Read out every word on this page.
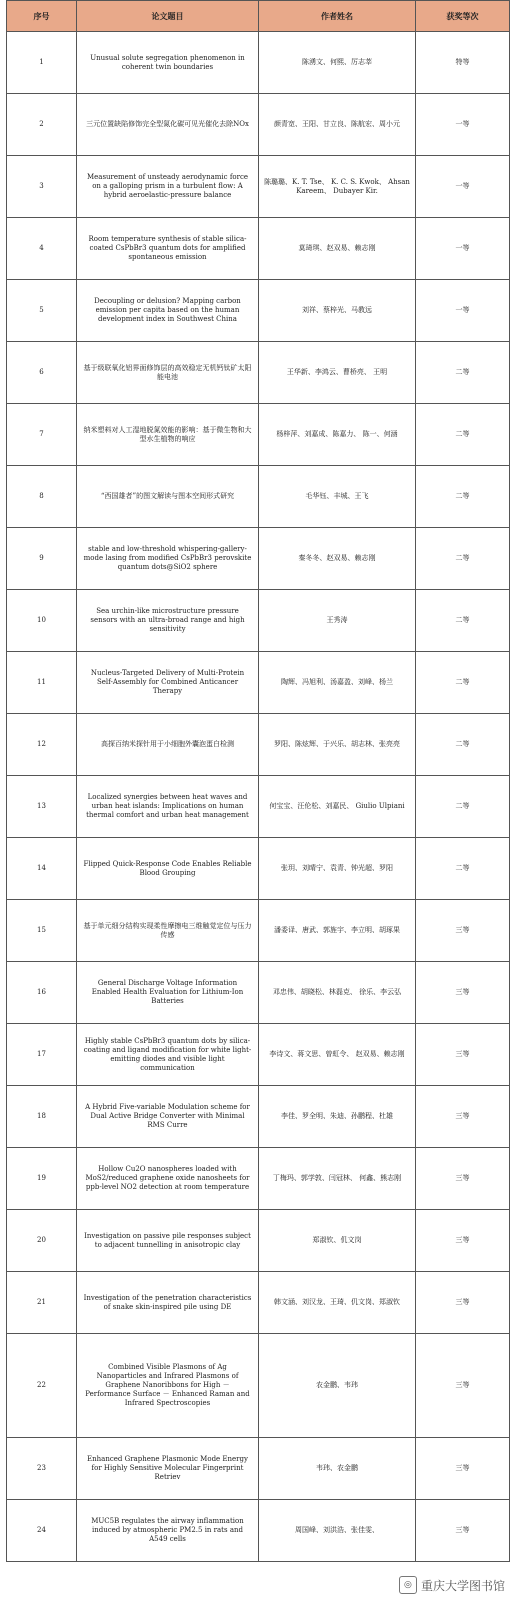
序号	论文题目	作者姓名	获奖等次
1	Unusual solute segregation phenomenon in coherent twin boundaries	陈湧文、何熙、厉志莘	特等
2	三元位置缺陷修饰完全型氮化碳可见光催化去除NOx	颜青宽、王阳、甘立良、陈航宏、周小元	一等
3	Measurement of unsteady aerodynamic force on a galloping prism in a turbulent flow: A hybrid aeroelastic-pressure balance	陈璐璐、K. T. Tse、 K. C. S. Kwok、 Ahsan Kareem、 Dubayer Kir.	一等
4	Room temperature synthesis of stable silica-coated CsPbBr3 quantum dots for amplified spontaneous emission	莫琦琪、赵双易、赖志刚	一等
5	Decoupling or delusion? Mapping carbon emission per capita based on the human development index in Southwest China	刘祥、蔡梓光、马教远	一等
6	基于级联氧化铝界面修饰层的高效稳定无机钙钛矿太阳能电池	王华新、李鸿云、曹桥亮、 王明	二等
7	纳米塑料对人工湿地脱氮效能的影响：基于微生物和大型水生植物的响应	杨梓萍、刘嘉成、陈嘉力、 陈一、何涵	二等
8	“西国雄者”的图文解读与图本空间形式研究	毛华钰、丰城、王飞	二等
9	stable and low-threshold whispering-gallery-mode lasing from modified CsPbBr3 perovskite quantum dots@SiO2 sphere	秦冬冬、赵双易、赖志刚	二等
10	Sea urchin-like microstructure pressure sensors with an ultra-broad range and high sensitivity	王秀涛	二等
11	Nucleus-Targeted Delivery of Multi-Protein Self-Assembly for Combined Anticancer Therapy	陶辉、冯旭利、汤嘉盈、刘峰、杨兰	二等
12	高探百纳米探针用于小细胞外囊泡蛋白检测	罗阳、陈炫辉、于兴乐、胡志林、张亮亮	二等
13	Localized synergies between heat waves and urban heat islands: Implications on human thermal comfort and urban heat management	何宝宝、汪伦松、刘嘉民、 Giulio Ulpiani	二等
14	Flipped Quick-Response Code Enables Reliable Blood Grouping	张玥、刘晴宁、袁青、钟光超、罗阳	二等
15	基于单元细分结构实现柔性摩擦电三维触觉定位与压力传感	潘委译、唐武、郭旌宇、李立明、胡琢果	三等
16	General Discharge Voltage Information Enabled Health Evaluation for Lithium-Ion Batteries	邓忠伟、胡晓松、林磊克、 徐乐、李云弘	三等
17	Highly stable CsPbBr3 quantum dots by silica-coating and ligand modification for white light-emitting diodes and visible light communication	李诗文、蒋文思、曾虹令、 赵双易、赖志刚	三等
18	A Hybrid Five-variable Modulation scheme for Dual Active Bridge Converter with Minimal RMS Curre	李佳、罗全明、朱迪、孙鹏程、杜雄	三等
19	Hollow Cu2O nanospheres loaded with MoS2/reduced graphene oxide nanosheets for ppb-level NO2 detection at room temperature	丁梅玛、郭学敦、闫冠林、 何鑫、熊志刚	三等
20	Investigation on passive pile responses subject to adjacent tunnelling in anisotropic clay	郑淑钦、仉文岗	三等
21	Investigation of the penetration characteristics of snake skin-inspired pile using DE	韩文涵、刘汉龙、王琦、仉文岗、郑淑钦	三等
22	Combined Visible Plasmons of Ag Nanoparticles and Infrared Plasmons of Graphene Nanoribbons for High － Performance Surface － Enhanced Raman and Infrared Spectroscopies	农金鹏、韦玮	三等
23	Enhanced Graphene Plasmonic Mode Energy for Highly Sensitive Molecular Fingerprint Retriev	韦玮、农金鹏	三等
24	MUC5B regulates the airway inflammation induced by atmospheric PM2.5 in rats and A549 cells	周国峰、刘洪浩、张佳雯、	三等
◎ 重庆大学图书馆
